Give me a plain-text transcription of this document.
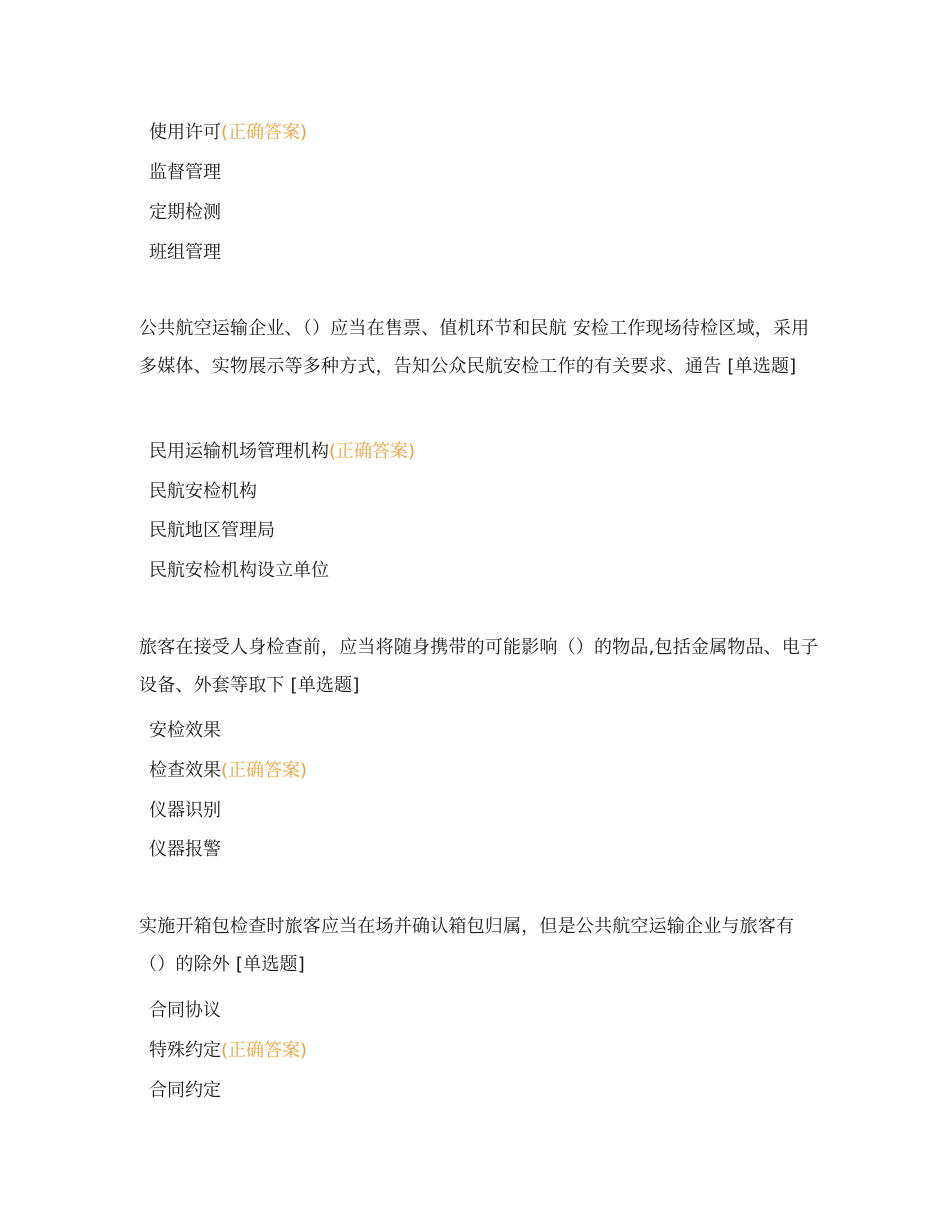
使用许可(正确答案)
监督管理
定期检测
班组管理

公共航空运输企业、（）应当在售票、值机环节和民航 安检工作现场待检区域，采用多媒体、实物展示等多种方式，告知公众民航安检工作的有关要求、通告 [单选题]

民用运输机场管理机构(正确答案)
民航安检机构
民航地区管理局
民航安检机构设立单位

旅客在接受人身检查前，应当将随身携带的可能影响（）的物品,包括金属物品、电子设备、外套等取下 [单选题]

安检效果
检查效果(正确答案)
仪器识别
仪器报警

实施开箱包检查时旅客应当在场并确认箱包归属，但是公共航空运输企业与旅客有（）的除外 [单选题]

合同协议
特殊约定(正确答案)
合同约定
